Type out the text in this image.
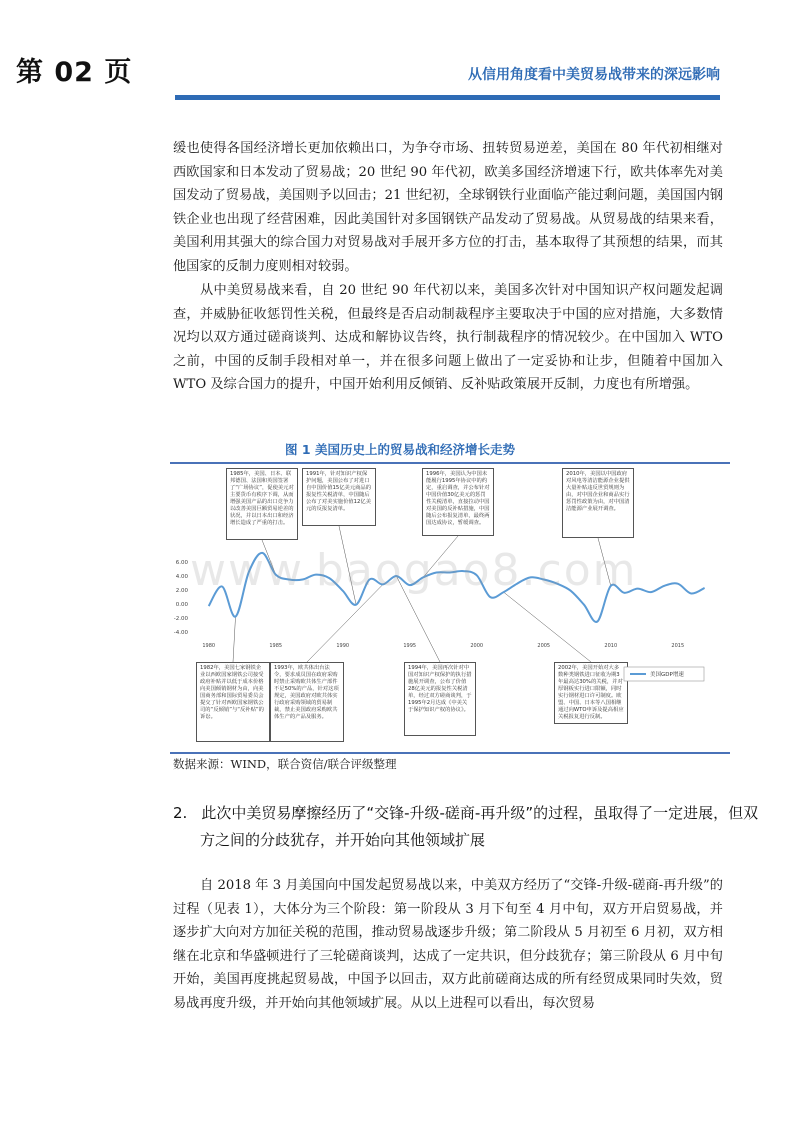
第 02 页	从信用角度看中美贸易战带来的深远影响

缓也使得各国经济增长更加依赖出口，为争夺市场、扭转贸易逆差，美国在 80 年代初相继对西欧国家和日本发动了贸易战；20 世纪 90 年代初，欧美多国经济增速下行，欧共体率先对美国发动了贸易战，美国则予以回击；21 世纪初，全球钢铁行业面临产能过剩问题，美国国内钢铁企业也出现了经营困难，因此美国针对多国钢铁产品发动了贸易战。从贸易战的结果来看，美国利用其强大的综合国力对贸易战对手展开多方位的打击，基本取得了其预想的结果，而其他国家的反制力度则相对较弱。

从中美贸易战来看，自 20 世纪 90 年代初以来，美国多次针对中国知识产权问题发起调查，并威胁征收惩罚性关税，但最终是否启动制裁程序主要取决于中国的应对措施，大多数情况均以双方通过磋商谈判、达成和解协议告终，执行制裁程序的情况较少。在中国加入 WTO 之前，中国的反制手段相对单一，并在很多问题上做出了一定妥协和让步，但随着中国加入 WTO 及综合国力的提升，中国开始利用反倾销、反补贴政策展开反制，力度也有所增强。

图 1 美国历史上的贸易战和经济增长走势
1985年，美国、日本、联邦德国、法国和英国签署了“广场协议”，促使美元对主要货币有秩序下调，从而增强美国产品的出口竞争力以改善美国巨额贸易逆差的状况，并以日本出口和经济增长造成了严重的打击。
1991年，针对知识产权保护问题，美国公布了对进口自中国价值15亿美元商品的报复性关税清单，中国随后公布了对美实施价值12亿美元的反报复清单。
1996年，美国认为中国未能履行1995年协议中的约定，重启调查，并公布针对中国价值30亿美元的惩罚性关税清单，直接拉动中国对美国的反补贴措施，中国随后公布报复清单，最终两国达成协议，暂缓调查。
2010年，美国以中国政府对风电等清洁能源企业提供大量补贴违反世贸规则为由，对中国企业和商品实行惩罚性政策为由，对中国清洁能源产业展开调查。
1982年，美国七家钢铁企业以西欧国家钢铁公司接受政府补贴并以低于成本价格向美国倾销钢材为由，向美国商务部和国际贸易委员会提交了针对西欧国家钢铁公司的“反倾销”与“反补贴”的诉讼。
1993年，欧共体出台法令，要求成员国在政府采购时禁止采购欧共体生产部件不足50%的产品，针对这项规定，美国政府对欧共体实行政府采购领域的贸易制裁，禁止美国政府采购欧共体生产的产品及服务。
1994年，美国再次针对中国对知识产权保护的执行措施展开调查，公布了价值28亿美元的报复性关税清单，经过双方磋商谈判，于1995年2月达成《中美关于保护知识产权的协议》。
2002年，美国开始对大多数种类钢铁进口征收为期3年最高达30%的关税，并对厚钢板实行进口限额，同时实行钢材进口许可制度。欧盟、中国、日本等八国相继通过向WTO申诉及提高相应关税报复进行反制。
6.00
4.00
2.00
0.00
-2.00
-4.00
1980	1985	1990	1995	2000	2005	2010	2015
美国GDP增速
www.baogao8.com
数据来源：WIND，联合资信/联合评级整理

2. 此次中美贸易摩擦经历了“交锋-升级-磋商-再升级”的过程，虽取得了一定进展，但双方之间的分歧犹存，并开始向其他领域扩展

自 2018 年 3 月美国向中国发起贸易战以来，中美双方经历了“交锋-升级-磋商-再升级”的过程（见表 1），大体分为三个阶段：第一阶段从 3 月下旬至 4 月中旬，双方开启贸易战，并逐步扩大向对方加征关税的范围，推动贸易战逐步升级；第二阶段从 5 月初至 6 月初，双方相继在北京和华盛顿进行了三轮磋商谈判，达成了一定共识，但分歧犹存；第三阶段从 6 月中旬开始，美国再度挑起贸易战，中国予以回击，双方此前磋商达成的所有经贸成果同时失效，贸易战再度升级，并开始向其他领域扩展。从以上进程可以看出，每次贸易
